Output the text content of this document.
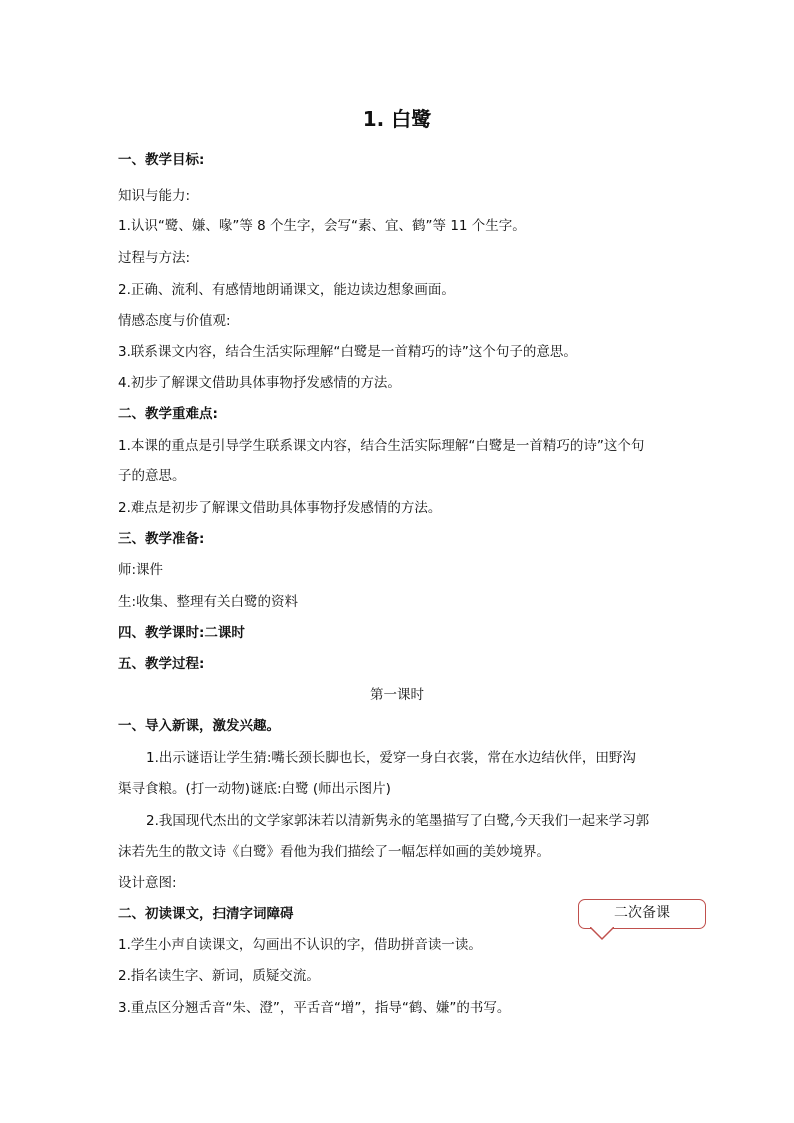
1. 白鹭
一、教学目标:
知识与能力:
1.认识“鹭、嫌、喙”等 8 个生字，会写“素、宜、鹤”等 11 个生字。
过程与方法:
2.正确、流利、有感情地朗诵课文，能边读边想象画面。
情感态度与价值观:
3.联系课文内容，结合生活实际理解“白鹭是一首精巧的诗”这个句子的意思。
4.初步了解课文借助具体事物抒发感情的方法。
二、教学重难点:
1.本课的重点是引导学生联系课文内容，结合生活实际理解“白鹭是一首精巧的诗”这个句
子的意思。
2.难点是初步了解课文借助具体事物抒发感情的方法。
三、教学准备:
师:课件
生:收集、整理有关白鹭的资料
四、教学课时:二课时
五、教学过程:
第一课时
一、导入新课，激发兴趣。
1.出示谜语让学生猜:嘴长颈长脚也长，爱穿一身白衣裳，常在水边结伙伴，田野沟
渠寻食粮。(打一动物)谜底:白鹭 (师出示图片)
2.我国现代杰出的文学家郭沫若以清新隽永的笔墨描写了白鹭,今天我们一起来学习郭
沫若先生的散文诗《白鹭》看他为我们描绘了一幅怎样如画的美妙境界。
设计意图:
二、初读课文，扫清字词障碍
1.学生小声自读课文，勾画出不认识的字，借助拼音读一读。
2.指名读生字、新词，质疑交流。
3.重点区分翘舌音“朱、澄”，平舌音“增”，指导“鹤、嫌”的书写。
二次备课
